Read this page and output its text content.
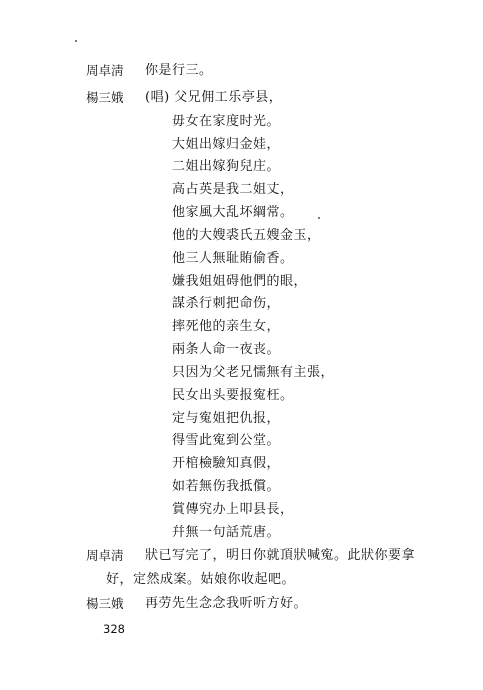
周卓淸 你是行三。
楊三娥 (唱) 父兄佣工乐亭县，
毋女在家度时光。
大姐出嫁归金娃，
二姐出嫁狗兒庄。
高占英是我二姐丈，
他家風大乱坏綱常。
他的大嫂裘氏五嫂金玉，
他三人無耻賄偷香。
嫌我姐姐碍他們的眼，
謀杀行刺把命伤，
摔死他的亲生女，
兩条人命一夜丧。
只因为父老兄懦無有主張，
民女出头要报寃枉。
定与寃姐把仇报，
得雪此寃到公堂。
开棺檢驗知真假，
如若無伤我抵償。
賞傳究办上叩县長，
幷無一句話荒唐。
周卓淸 狀已写完了，明日你就頂狀喊寃。此狀你要拿
好，定然成案。姑娘你收起吧。
楊三娥 再劳先生念念我听听方好。
328
